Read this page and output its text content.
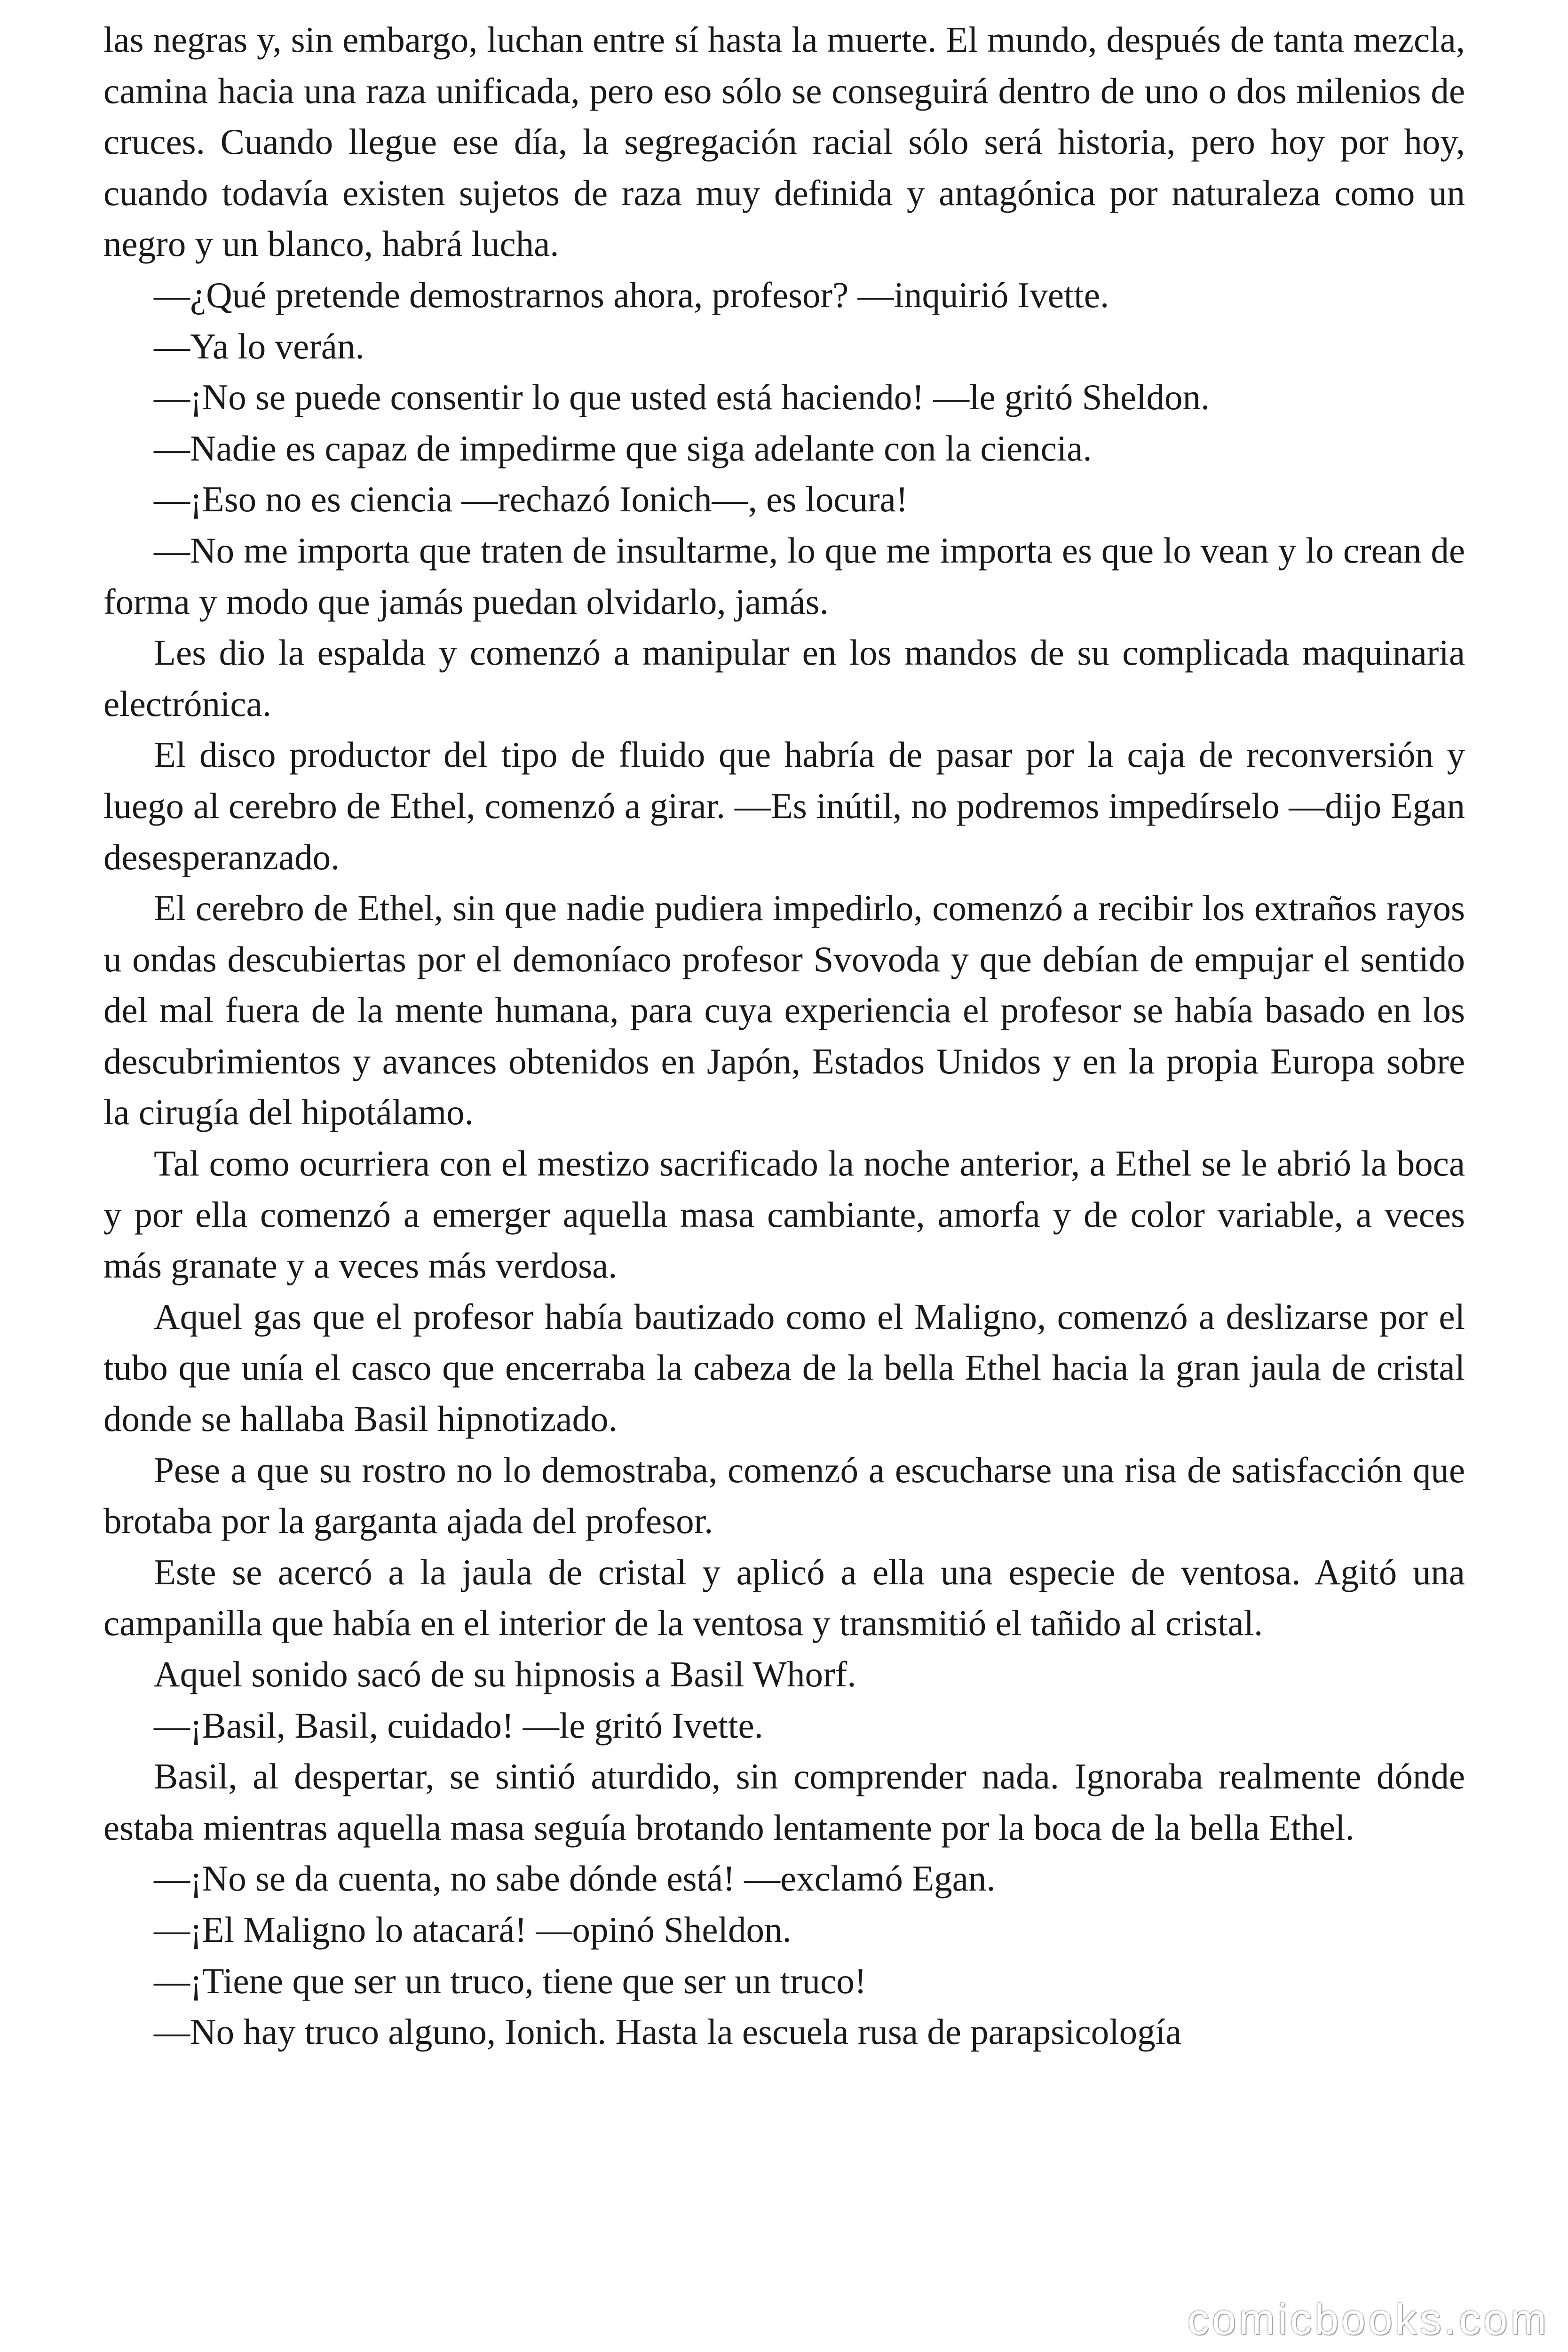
las negras y, sin embargo, luchan entre sí hasta la muerte. El mundo, después de tanta mezcla, camina hacia una raza unificada, pero eso sólo se conseguirá dentro de uno o dos milenios de cruces. Cuando llegue ese día, la segregación racial sólo será historia, pero hoy por hoy, cuando todavía existen sujetos de raza muy definida y antagónica por naturaleza como un negro y un blanco, habrá lucha.

—¿Qué pretende demostrarnos ahora, profesor? —inquirió Ivette.

—Ya lo verán.

—¡No se puede consentir lo que usted está haciendo! —le gritó Sheldon.

—Nadie es capaz de impedirme que siga adelante con la ciencia.

—¡Eso no es ciencia —rechazó Ionich—, es locura!

—No me importa que traten de insultarme, lo que me importa es que lo vean y lo crean de forma y modo que jamás puedan olvidarlo, jamás.

Les dio la espalda y comenzó a manipular en los mandos de su complicada maquinaria electrónica.

El disco productor del tipo de fluido que habría de pasar por la caja de reconversión y luego al cerebro de Ethel, comenzó a girar. —Es inútil, no podremos impedírselo —dijo Egan desesperanzado.

El cerebro de Ethel, sin que nadie pudiera impedirlo, comenzó a recibir los extraños rayos u ondas descubiertas por el demoníaco profesor Svovoda y que debían de empujar el sentido del mal fuera de la mente humana, para cuya experiencia el profesor se había basado en los descubrimientos y avances obtenidos en Japón, Estados Unidos y en la propia Europa sobre la cirugía del hipotálamo.

Tal como ocurriera con el mestizo sacrificado la noche anterior, a Ethel se le abrió la boca y por ella comenzó a emerger aquella masa cambiante, amorfa y de color variable, a veces más granate y a veces más verdosa.

Aquel gas que el profesor había bautizado como el Maligno, comenzó a deslizarse por el tubo que unía el casco que encerraba la cabeza de la bella Ethel hacia la gran jaula de cristal donde se hallaba Basil hipnotizado.

Pese a que su rostro no lo demostraba, comenzó a escucharse una risa de satisfacción que brotaba por la garganta ajada del profesor.

Este se acercó a la jaula de cristal y aplicó a ella una especie de ventosa. Agitó una campanilla que había en el interior de la ventosa y transmitió el tañido al cristal.

Aquel sonido sacó de su hipnosis a Basil Whorf.

—¡Basil, Basil, cuidado! —le gritó Ivette.

Basil, al despertar, se sintió aturdido, sin comprender nada. Ignoraba realmente dónde estaba mientras aquella masa seguía brotando lentamente por la boca de la bella Ethel.

—¡No se da cuenta, no sabe dónde está! —exclamó Egan.

—¡El Maligno lo atacará! —opinó Sheldon.

—¡Tiene que ser un truco, tiene que ser un truco!

—No hay truco alguno, Ionich. Hasta la escuela rusa de parapsicología

comicbooks.com
